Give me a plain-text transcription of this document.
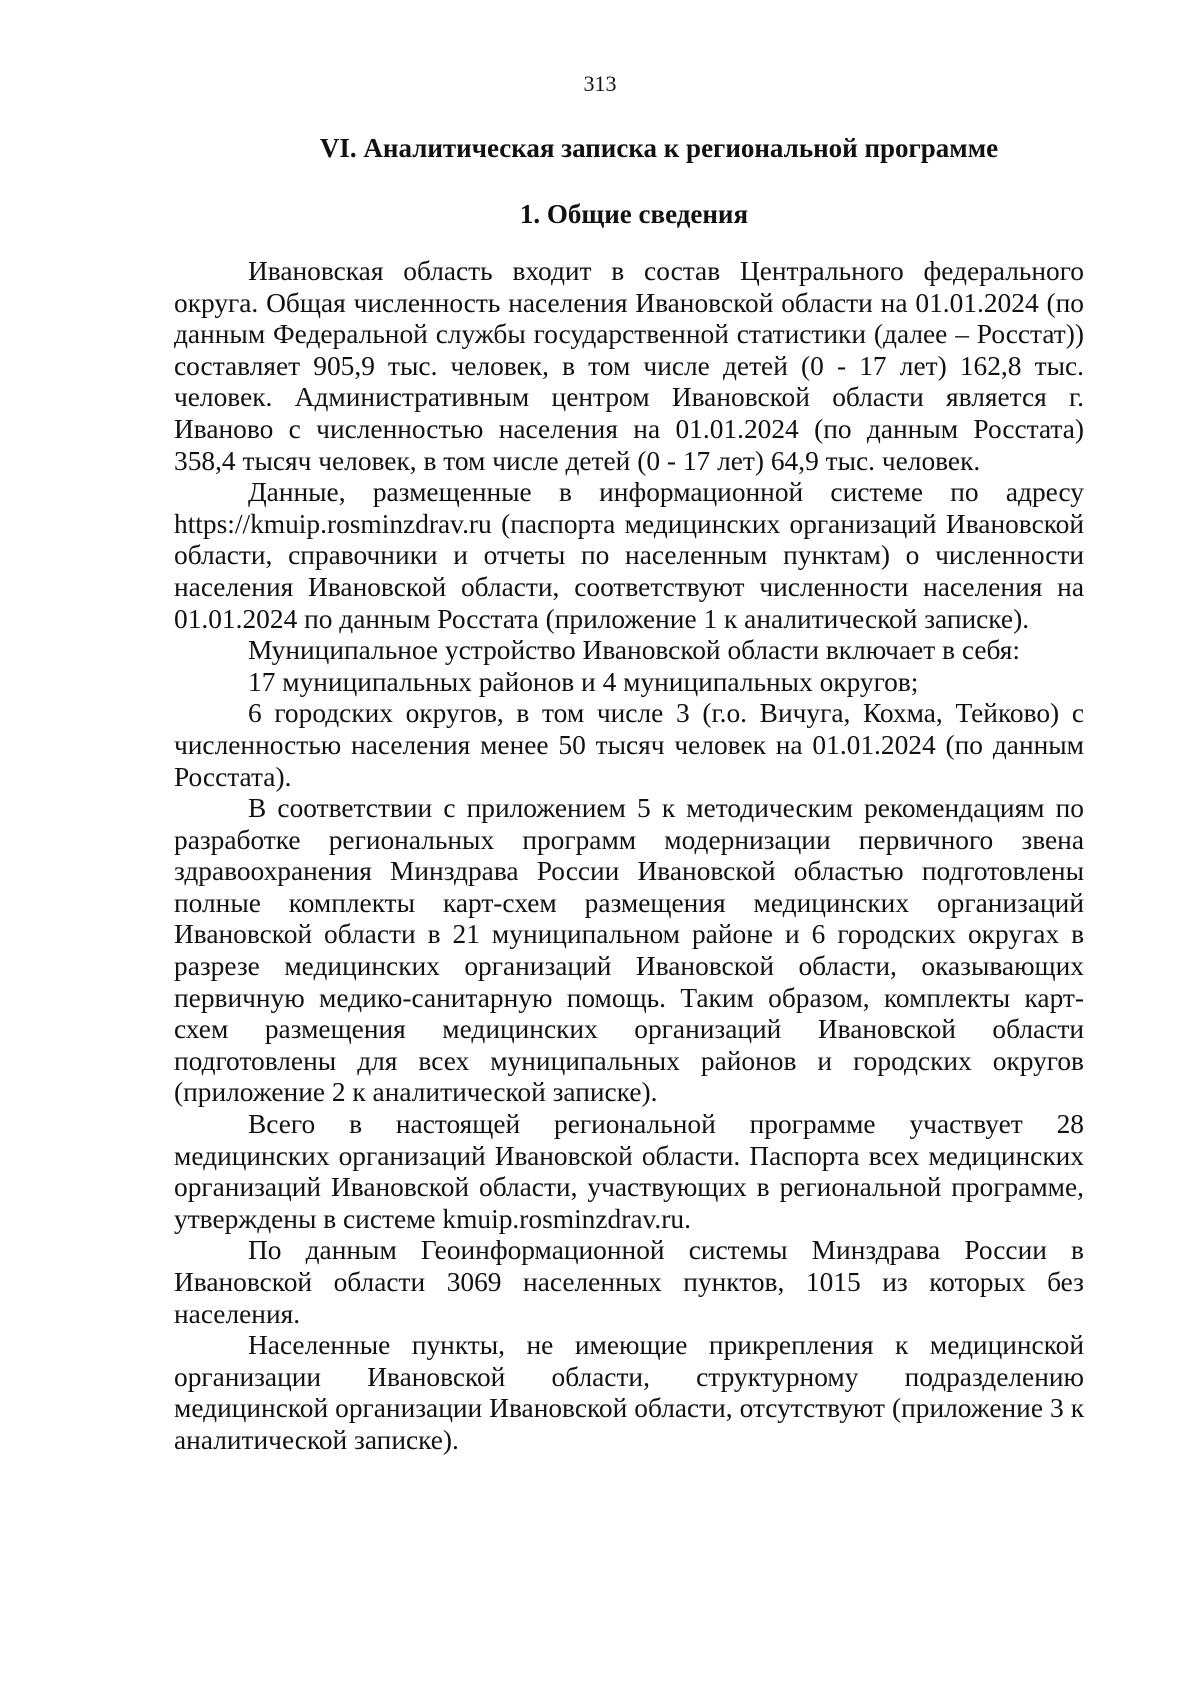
313
VI. Аналитическая записка к региональной программе
1. Общие сведения

Ивановская область входит в состав Центрального федерального округа. Общая численность населения Ивановской области на 01.01.2024 (по данным Федеральной службы государственной статистики (далее – Росстат)) составляет 905,9 тыс. человек, в том числе детей (0 - 17 лет) 162,8 тыс. человек. Административным центром Ивановской области является г. Иваново с численностью населения на 01.01.2024 (по данным Росстата) 358,4 тысяч человек, в том числе детей (0 - 17 лет) 64,9 тыс. человек.

Данные, размещенные в информационной системе по адресу https://kmuip.rosminzdrav.ru (паспорта медицинских организаций Ивановской области, справочники и отчеты по населенным пунктам) о численности населения Ивановской области, соответствуют численности населения на 01.01.2024 по данным Росстата (приложение 1 к аналитической записке).

Муниципальное устройство Ивановской области включает в себя:

17 муниципальных районов и 4 муниципальных округов;

6 городских округов, в том числе 3 (г.о. Вичуга, Кохма, Тейково) с численностью населения менее 50 тысяч человек на 01.01.2024 (по данным Росстата).

В соответствии с приложением 5 к методическим рекомендациям по разработке региональных программ модернизации первичного звена здравоохранения Минздрава России Ивановской областью подготовлены полные комплекты карт-схем размещения медицинских организаций Ивановской области в 21 муниципальном районе и 6 городских округах в разрезе медицинских организаций Ивановской области, оказывающих первичную медико-санитарную помощь. Таким образом, комплекты карт-схем размещения медицинских организаций Ивановской области подготовлены для всех муниципальных районов и городских округов (приложение 2 к аналитической записке).

Всего в настоящей региональной программе участвует 28 медицинских организаций Ивановской области. Паспорта всех медицинских организаций Ивановской области, участвующих в региональной программе, утверждены в системе kmuip.rosminzdrav.ru.

По данным Геоинформационной системы Минздрава России в Ивановской области 3069 населенных пунктов, 1015 из которых без населения.

Населенные пункты, не имеющие прикрепления к медицинской организации Ивановской области, структурному подразделению медицинской организации Ивановской области, отсутствуют (приложение 3 к аналитической записке).
